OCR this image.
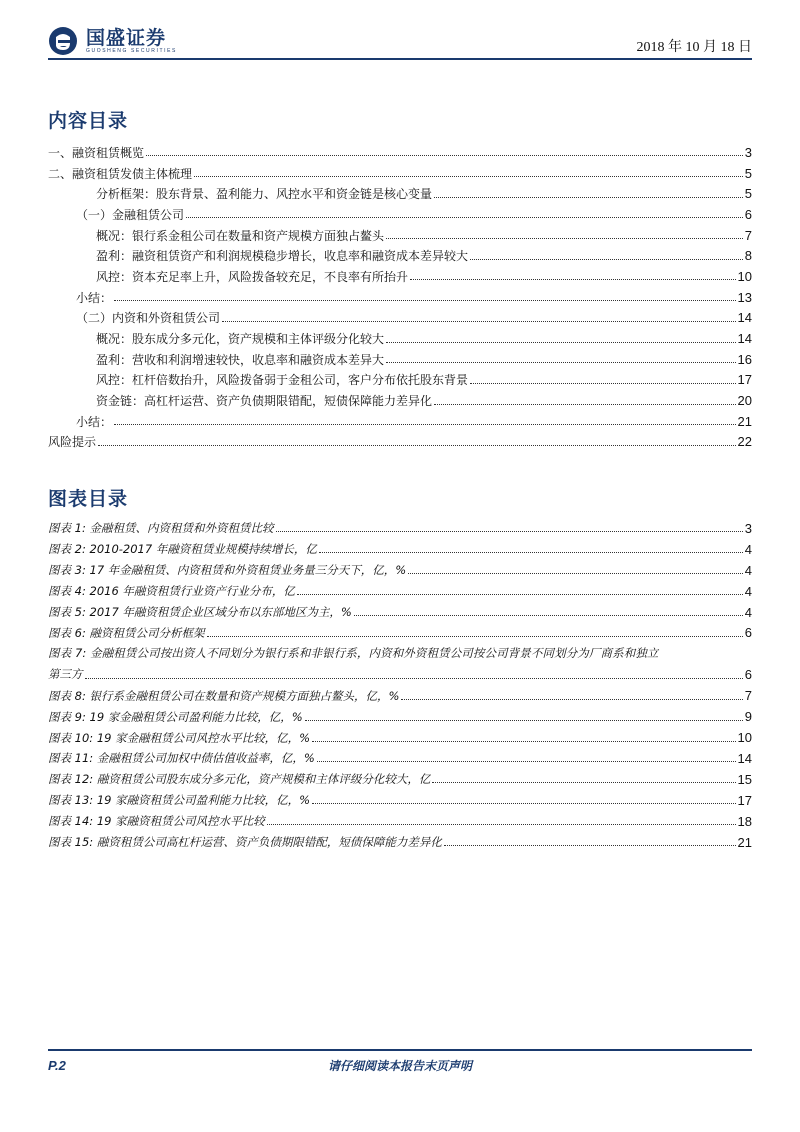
国盛证券
GUOSHENG SECURITIES	2018 年 10 月 18 日
内容目录
一、融资租赁概览	3
二、融资租赁发债主体梳理	5
分析框架：股东背景、盈利能力、风控水平和资金链是核心变量	5
（一）金融租赁公司	6
概况：银行系金租公司在数量和资产规模方面独占鳌头	7
盈利：融资租赁资产和利润规模稳步增长，收息率和融资成本差异较大	8
风控：资本充足率上升，风险拨备较充足，不良率有所抬升	10
小结：	13
（二）内资和外资租赁公司	14
概况：股东成分多元化，资产规模和主体评级分化较大	14
盈利：营收和利润增速较快，收息率和融资成本差异大	16
风控：杠杆倍数抬升，风险拨备弱于金租公司，客户分布依托股东背景	17
资金链：高杠杆运营、资产负债期限错配，短债保障能力差异化	20
小结：	21
风险提示	22
图表目录
图表 1: 金融租赁、内资租赁和外资租赁比较	3
图表 2: 2010-2017 年融资租赁业规模持续增长，亿	4
图表 3: 17 年金融租赁、内资租赁和外资租赁业务量三分天下，亿，%	4
图表 4: 2016 年融资租赁行业资产行业分布，亿	4
图表 5: 2017 年融资租赁企业区域分布以东部地区为主，%	4
图表 6: 融资租赁公司分析框架	6
图表 7: 金融租赁公司按出资人不同划分为银行系和非银行系，内资和外资租赁公司按公司背景不同划分为厂商系和独立
第三方	6
图表 8: 银行系金融租赁公司在数量和资产规模方面独占鳌头，亿，%	7
图表 9: 19 家金融租赁公司盈利能力比较，亿，%	9
图表 10: 19 家金融租赁公司风控水平比较，亿，%	10
图表 11: 金融租赁公司加权中债估值收益率，亿，%	14
图表 12: 融资租赁公司股东成分多元化，资产规模和主体评级分化较大，亿	15
图表 13: 19 家融资租赁公司盈利能力比较，亿，%	17
图表 14: 19 家融资租赁公司风控水平比较	18
图表 15: 融资租赁公司高杠杆运营、资产负债期限错配，短债保障能力差异化	21
P.2	请仔细阅读本报告末页声明
